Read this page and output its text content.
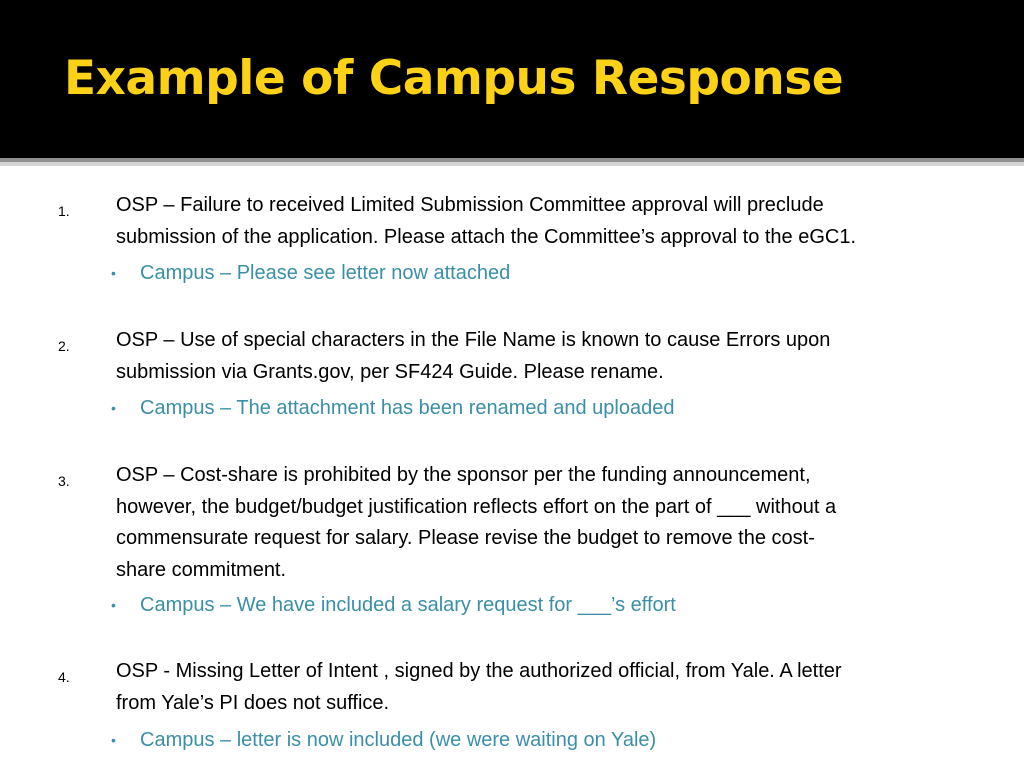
Example of Campus Response
1. OSP – Failure to received Limited Submission Committee approval will preclude
submission of the application. Please attach the Committee’s approval to the eGC1.

• Campus – Please see letter now attached

2. OSP – Use of special characters in the File Name is known to cause Errors upon
submission via Grants.gov, per SF424 Guide. Please rename.

• Campus – The attachment has been renamed and uploaded

3. OSP – Cost-share is prohibited by the sponsor per the funding announcement,
however, the budget/budget justification reflects effort on the part of ___ without a
commensurate request for salary. Please revise the budget to remove the cost-
share commitment.

• Campus – We have included a salary request for ___’s effort

4. OSP - Missing Letter of Intent , signed by the authorized official, from Yale. A letter
from Yale’s PI does not suffice.

• Campus – letter is now included (we were waiting on Yale)
